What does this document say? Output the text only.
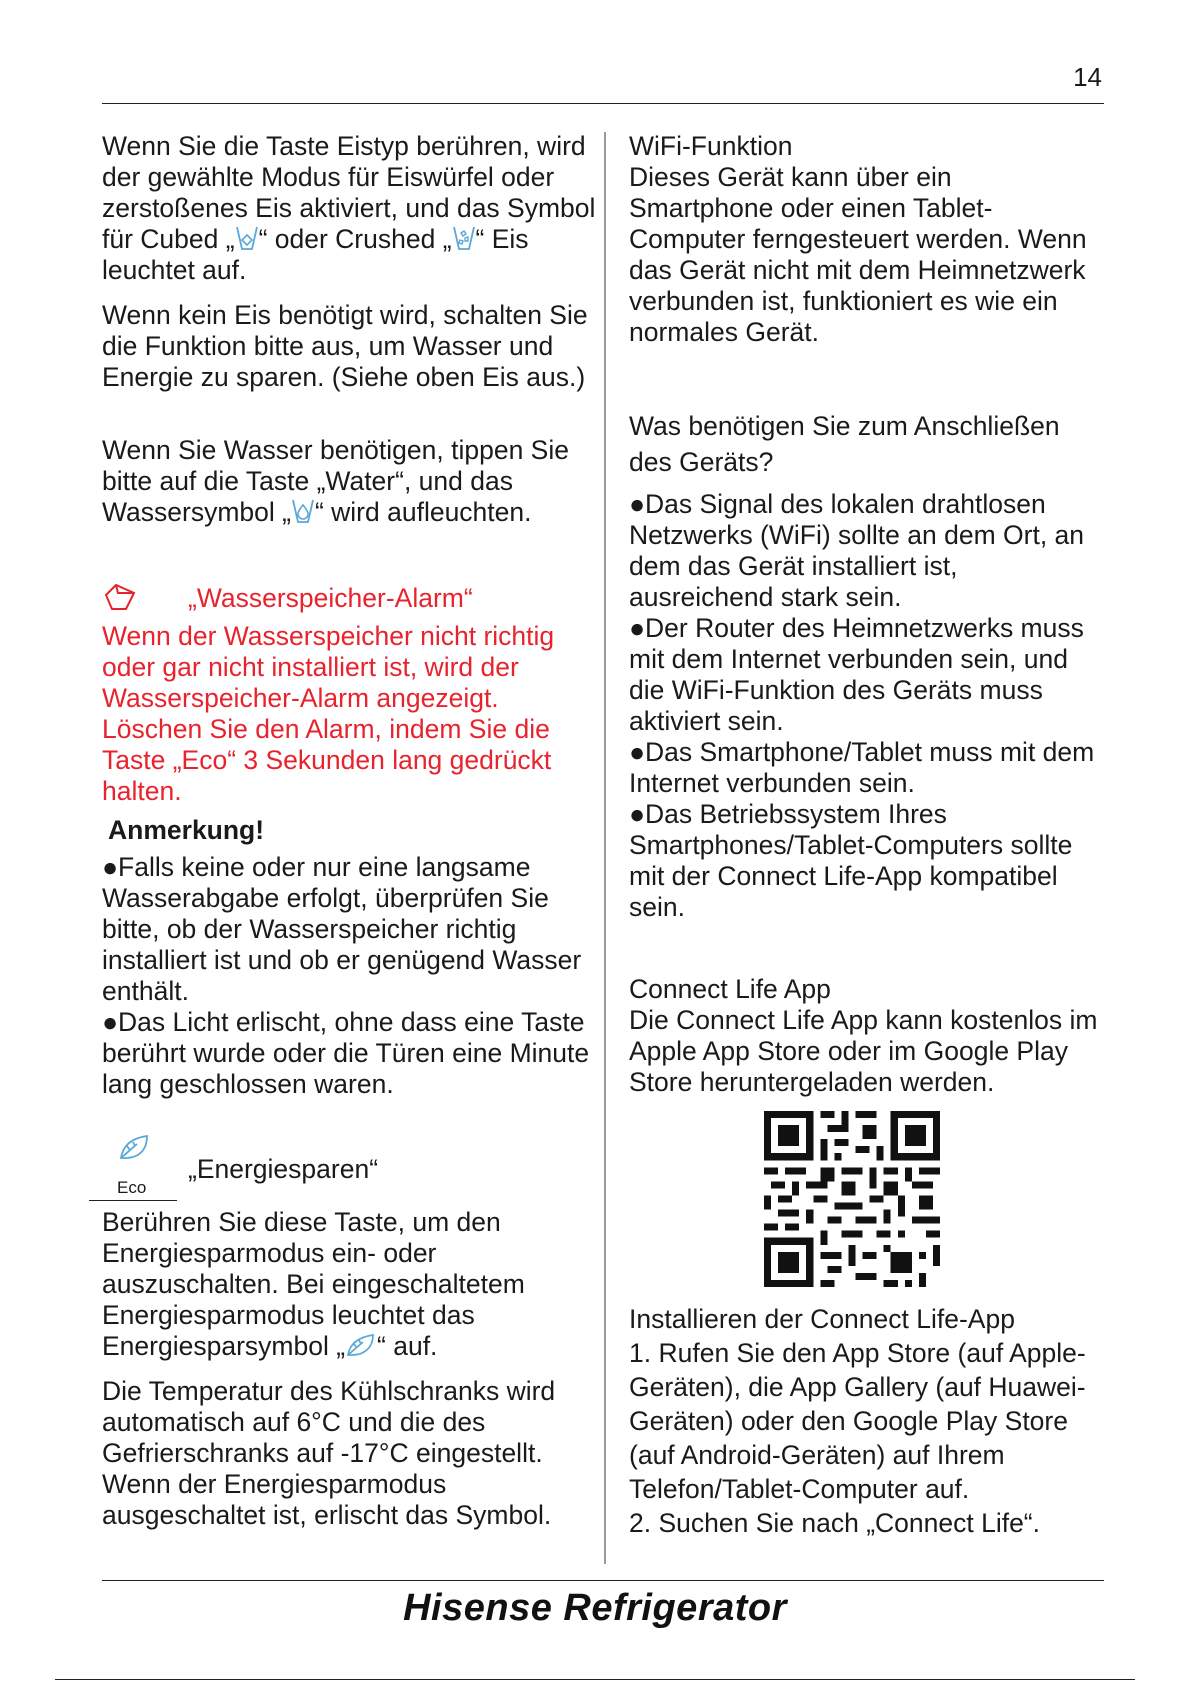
14
Wenn Sie die Taste Eistyp berühren, wird der gewählte Modus für Eiswürfel oder zerstoßenes Eis aktiviert, und das Symbol für Cubed „ “ oder Crushed „ “ Eis leuchtet auf.

Wenn kein Eis benötigt wird, schalten Sie die Funktion bitte aus, um Wasser und Energie zu sparen. (Siehe oben Eis aus.)

Wenn Sie Wasser benötigen, tippen Sie bitte auf die Taste „Water“, und das Wassersymbol „ “ wird aufleuchten.
„Wasserspeicher-Alarm“

Wenn der Wasserspeicher nicht richtig oder gar nicht installiert ist, wird der Wasserspeicher-Alarm angezeigt. Löschen Sie den Alarm, indem Sie die Taste „Eco“ 3 Sekunden lang gedrückt halten.

Anmerkung!

●Falls keine oder nur eine langsame Wasserabgabe erfolgt, überprüfen Sie bitte, ob der Wasserspeicher richtig installiert ist und ob er genügend Wasser enthält.

●Das Licht erlischt, ohne dass eine Taste berührt wurde oder die Türen eine Minute lang geschlossen waren.

Eco
„Energiesparen“
Berühren Sie diese Taste, um den Energiesparmodus ein- oder auszuschalten. Bei eingeschaltetem Energiesparmodus leuchtet das Energiesparsymbol „ “ auf.

Die Temperatur des Kühlschranks wird automatisch auf 6°C und die des Gefrierschranks auf -17°C eingestellt. Wenn der Energiesparmodus ausgeschaltet ist, erlischt das Symbol.

WiFi-Funktion
Dieses Gerät kann über ein Smartphone oder einen Tablet-Computer ferngesteuert werden. Wenn das Gerät nicht mit dem Heimnetzwerk verbunden ist, funktioniert es wie ein normales Gerät.

Was benötigen Sie zum Anschließen des Geräts?

●Das Signal des lokalen drahtlosen Netzwerks (WiFi) sollte an dem Ort, an dem das Gerät installiert ist, ausreichend stark sein.

●Der Router des Heimnetzwerks muss mit dem Internet verbunden sein, und die WiFi-Funktion des Geräts muss aktiviert sein.

●Das Smartphone/Tablet muss mit dem Internet verbunden sein.

●Das Betriebssystem Ihres Smartphones/Tablet-Computers sollte mit der Connect Life-App kompatibel sein.

Connect Life App
Die Connect Life App kann kostenlos im Apple App Store oder im Google Play Store heruntergeladen werden.

Installieren der Connect Life-App
1. Rufen Sie den App Store (auf Apple-Geräten), die App Gallery (auf Huawei-Geräten) oder den Google Play Store (auf Android-Geräten) auf Ihrem Telefon/Tablet-Computer auf.
2. Suchen Sie nach „Connect Life“.

Hisense Refrigerator
